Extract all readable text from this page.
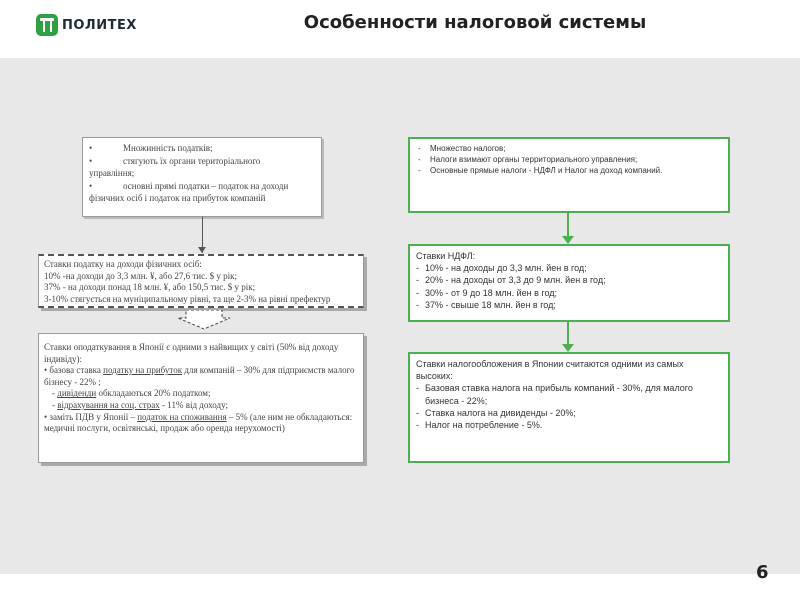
ПОЛИТЕХ	Особенности налоговой системы
•	Множинність податків;
•	стягують їх органи територіального
управління;
•	основні прямі податки – податок на доходи
фізичних осіб і податок на прибуток компаній
Ставки податку на доходи фізичних осіб:
10% -на доходи до 3,3 млн. ¥, або 27,6 тис. $ у рік;
37% - на доходи понад 18 млн. ¥, або 150,5 тис. $ у рік;
3-10% стягується на муніципальному рівні, та ще 2-3% на рівні префектур
Ставки оподаткування в Японії є одними з найвищих у світі (50% від доходу індивіду):
• базова ставка податку на прибуток для компаній – 30% для підприємств малого бізнесу - 22% ;
- дивіденди обкладаються 20% податком;
- відрахування на соц. страх - 11% від доходу;
• заміть ПДВ у Японії – податок на споживання – 5% (але ним не обкладаються: медичні послуги, освітянські, продаж або оренда нерухомості)
-	Множество налогов;
-	Налоги взимают органы территориального управления;
-	Основные прямые налоги - НДФЛ и Налог на доход компаний.
Ставки НДФЛ:
- 10% - на доходы до 3,3 млн. йен в год;
- 20% - на доходы от 3,3 до 9 млн. йен в год;
- 30% - от 9 до 18 млн. йен в год;
- 37% - свыше 18 млн. йен в год;
Ставки налогообложения в Японии считаются одними из самых высоких:
- Базовая ставка налога на прибыль компаний - 30%, для малого бизнеса - 22%;
- Ставка налога на дивиденды - 20%;
- Налог на потребление - 5%.
6
